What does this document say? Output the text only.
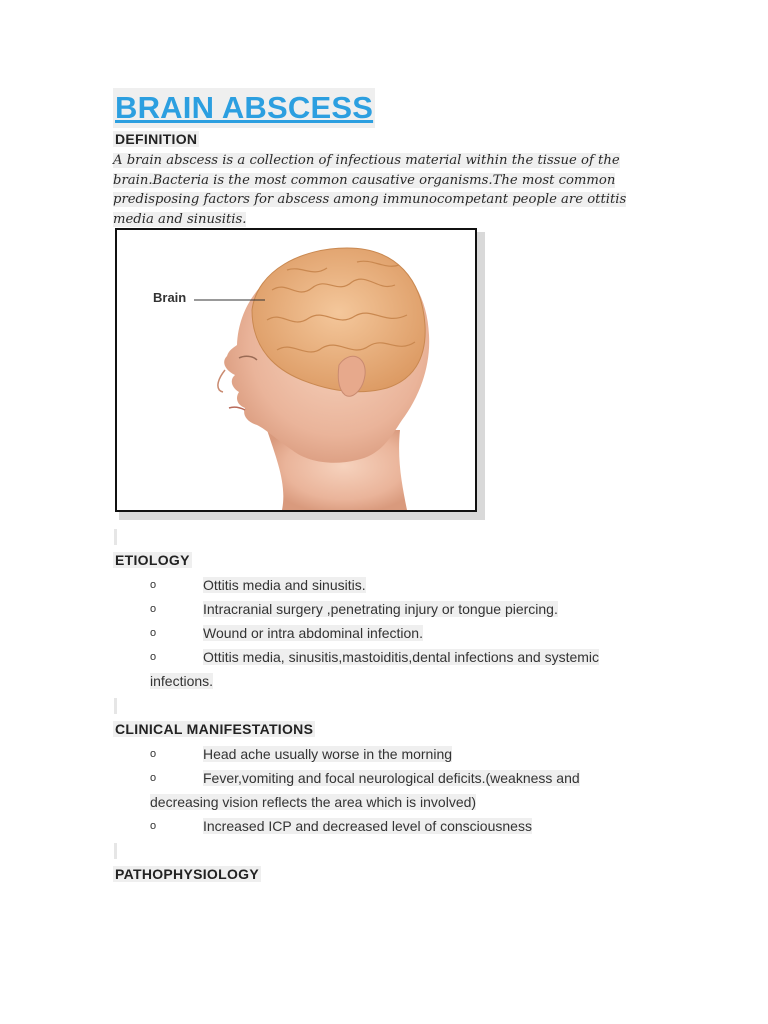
BRAIN ABSCESS
DEFINITION
A brain abscess is a collection of infectious material within the tissue of the
brain.Bacteria is the most common causative organisms.The most common
predisposing factors for abscess among immunocompetant people are ottitis
media and sinusitis.
Brain
ETIOLOGY
o	Ottitis media and sinusitis.
o	Intracranial surgery ,penetrating injury or tongue piercing.
o	Wound or intra abdominal infection.
o	Ottitis media, sinusitis,mastoiditis,dental infections and systemic
infections.
CLINICAL MANIFESTATIONS
o	Head ache usually worse in the morning
o	Fever,vomiting and focal neurological deficits.(weakness and
decreasing vision reflects the area which is involved)
o	Increased ICP and decreased level of consciousness
PATHOPHYSIOLOGY
